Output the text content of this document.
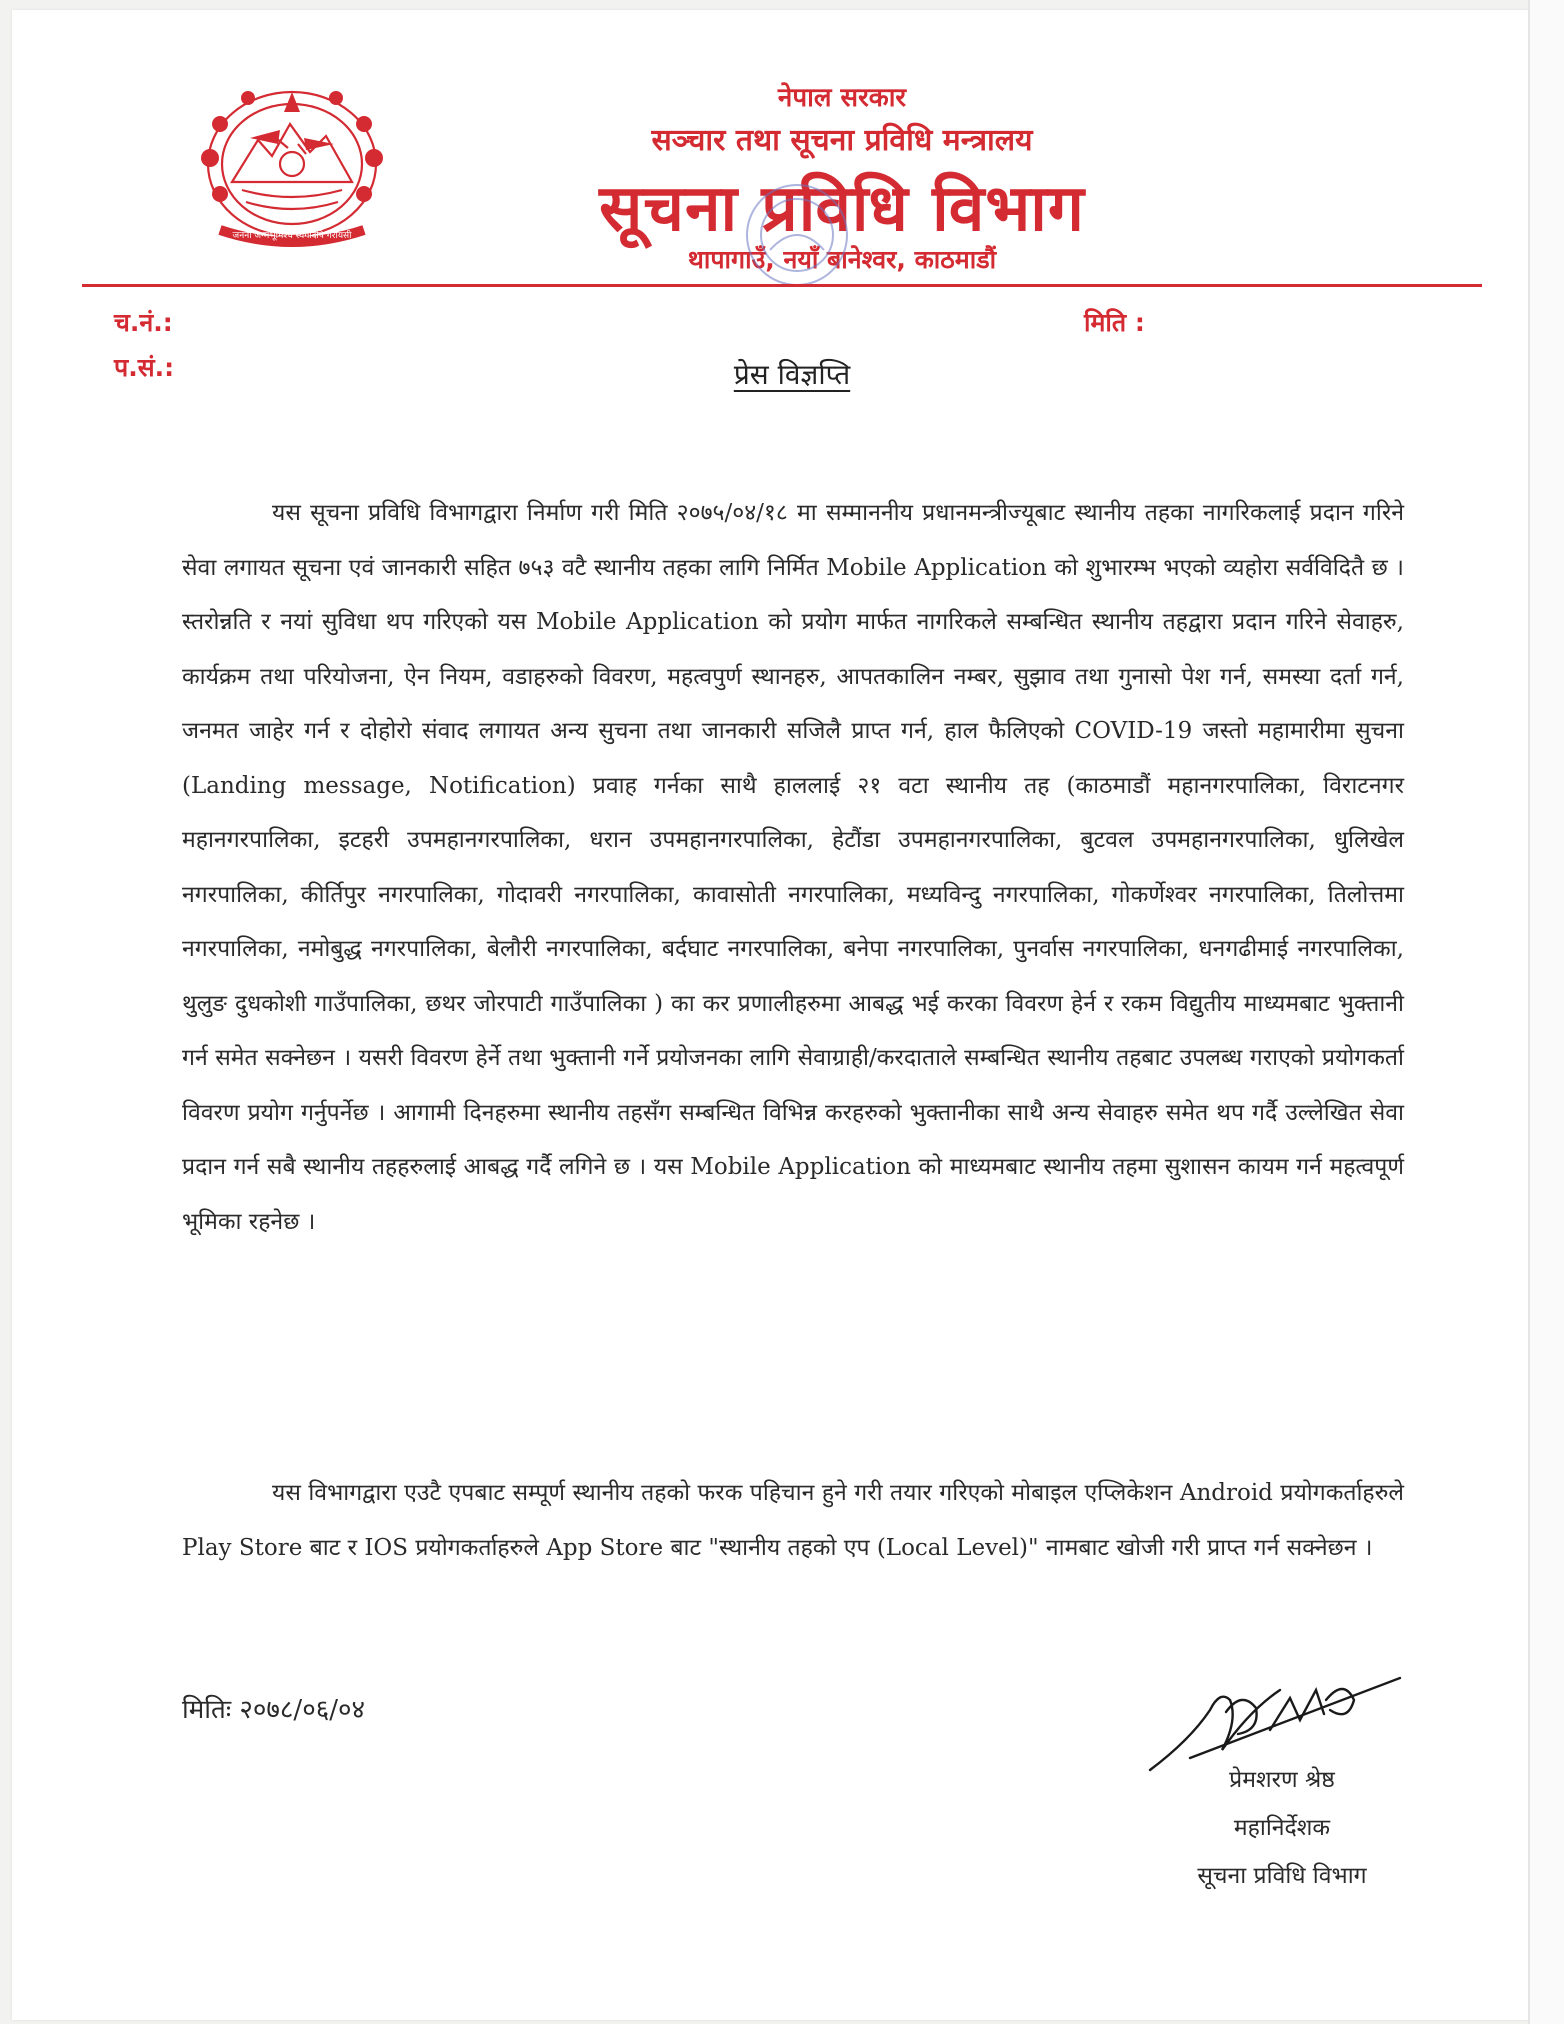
जननी जन्मभूमिश्च स्वर्गादपि गरीयसी
नेपाल सरकार
सञ्चार तथा सूचना प्रविधि मन्त्रालय
सूचना प्रविधि विभाग
थापागाउँ, नयाँ बानेश्वर, काठमाडौं
च.नं.:
प.सं.:
मिति :
प्रेस विज्ञप्ति

यस सूचना प्रविधि विभागद्वारा निर्माण गरी मिति २०७५/०४/१८ मा सम्माननीय प्रधानमन्त्रीज्यूबाट स्थानीय तहका नागरिकलाई प्रदान गरिने सेवा लगायत सूचना एवं जानकारी सहित ७५३ वटै स्थानीय तहका लागि निर्मित Mobile Application को शुभारम्भ भएको व्यहोरा सर्वविदितै छ । स्तरोन्नति र नयां सुविधा थप गरिएको यस Mobile Application को प्रयोग मार्फत नागरिकले सम्बन्धित स्थानीय तहद्वारा प्रदान गरिने सेवाहरु, कार्यक्रम तथा परियोजना, ऐन नियम, वडाहरुको विवरण, महत्वपुर्ण स्थानहरु, आपतकालिन नम्बर, सुझाव तथा गुनासो पेश गर्न, समस्या दर्ता गर्न, जनमत जाहेर गर्न र दोहोरो संवाद लगायत अन्य सुचना तथा जानकारी सजिलै प्राप्त गर्न, हाल फैलिएको COVID-19 जस्तो महामारीमा सुचना (Landing message, Notification) प्रवाह गर्नका साथै हाललाई २१ वटा स्थानीय तह (काठमाडौं महानगरपालिका, विराटनगर महानगरपालिका, इटहरी उपमहानगरपालिका, धरान उपमहानगरपालिका, हेटौंडा उपमहानगरपालिका, बुटवल उपमहानगरपालिका, धुलिखेल नगरपालिका, कीर्तिपुर नगरपालिका, गोदावरी नगरपालिका, कावासोती नगरपालिका, मध्यविन्दु नगरपालिका, गोकर्णेश्वर नगरपालिका, तिलोत्तमा नगरपालिका, नमोबुद्ध नगरपालिका, बेलौरी नगरपालिका, बर्दघाट नगरपालिका, बनेपा नगरपालिका, पुनर्वास नगरपालिका, धनगढीमाई नगरपालिका, थुलुङ दुधकोशी गाउँपालिका, छथर जोरपाटी गाउँपालिका ) का कर प्रणालीहरुमा आबद्ध भई करका विवरण हेर्न र रकम विद्युतीय माध्यमबाट भुक्तानी गर्न समेत सक्नेछन । यसरी विवरण हेर्ने तथा भुक्तानी गर्ने प्रयोजनका लागि सेवाग्राही/करदाताले सम्बन्धित स्थानीय तहबाट उपलब्ध गराएको प्रयोगकर्ता विवरण प्रयोग गर्नुपर्नेछ । आगामी दिनहरुमा स्थानीय तहसँग सम्बन्धित विभिन्न करहरुको भुक्तानीका साथै अन्य सेवाहरु समेत थप गर्दै उल्लेखित सेवा प्रदान गर्न सबै स्थानीय तहहरुलाई आबद्ध गर्दै लगिने छ । यस Mobile Application को माध्यमबाट स्थानीय तहमा सुशासन कायम गर्न महत्वपूर्ण भूमिका रहनेछ ।

यस विभागद्वारा एउटै एपबाट सम्पूर्ण स्थानीय तहको फरक पहिचान हुने गरी तयार गरिएको मोबाइल एप्लिकेशन Android प्रयोगकर्ताहरुले Play Store बाट र IOS प्रयोगकर्ताहरुले App Store बाट "स्थानीय तहको एप (Local Level)" नामबाट खोजी गरी प्राप्त गर्न सक्नेछन ।

मितिः २०७८/०६/०४
प्रेमशरण श्रेष्ठ
महानिर्देशक
सूचना प्रविधि विभाग
